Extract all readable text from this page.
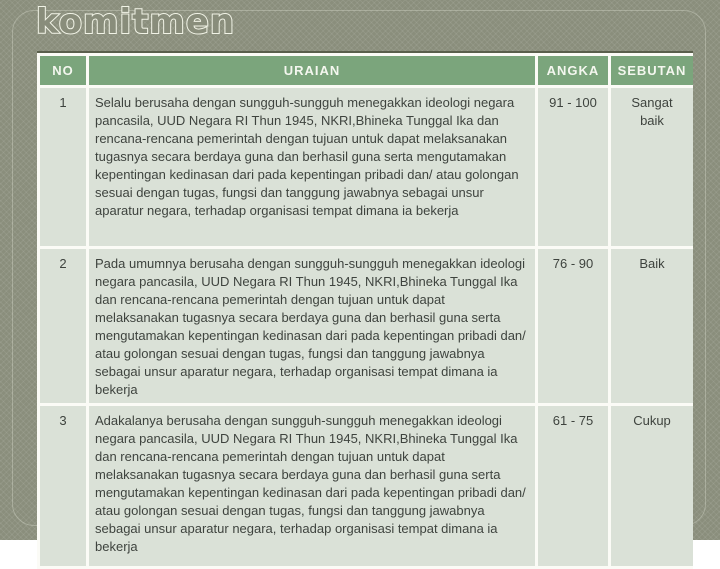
komitmen
NO	URAIAN	ANGKA	SEBUTAN
1	Selalu berusaha dengan sungguh-sungguh menegakkan ideologi negara pancasila, UUD Negara RI Thun 1945, NKRI,Bhineka Tunggal Ika dan rencana-rencana pemerintah dengan tujuan untuk dapat melaksanakan tugasnya secara berdaya guna dan berhasil guna serta mengutamakan kepentingan kedinasan dari pada kepentingan pribadi dan/ atau golongan sesuai dengan tugas, fungsi dan tanggung jawabnya sebagai unsur aparatur negara, terhadap organisasi tempat dimana ia bekerja	91 - 100	Sangat baik
2	Pada umumnya berusaha dengan sungguh-sungguh menegakkan ideologi negara pancasila, UUD Negara RI Thun 1945, NKRI,Bhineka Tunggal Ika dan rencana-rencana pemerintah dengan tujuan untuk dapat melaksanakan tugasnya secara berdaya guna dan berhasil guna serta mengutamakan kepentingan kedinasan dari pada kepentingan pribadi dan/ atau golongan sesuai dengan tugas, fungsi dan tanggung jawabnya sebagai unsur aparatur negara, terhadap organisasi tempat dimana ia bekerja	76 - 90	Baik
3	Adakalanya berusaha dengan sungguh-sungguh menegakkan ideologi negara pancasila, UUD Negara RI Thun 1945, NKRI,Bhineka Tunggal Ika dan rencana-rencana pemerintah dengan tujuan untuk dapat melaksanakan tugasnya secara berdaya guna dan berhasil guna serta mengutamakan kepentingan kedinasan dari pada kepentingan pribadi dan/ atau golongan sesuai dengan tugas, fungsi dan tanggung jawabnya sebagai unsur aparatur negara, terhadap organisasi tempat dimana ia bekerja	61 - 75	Cukup
